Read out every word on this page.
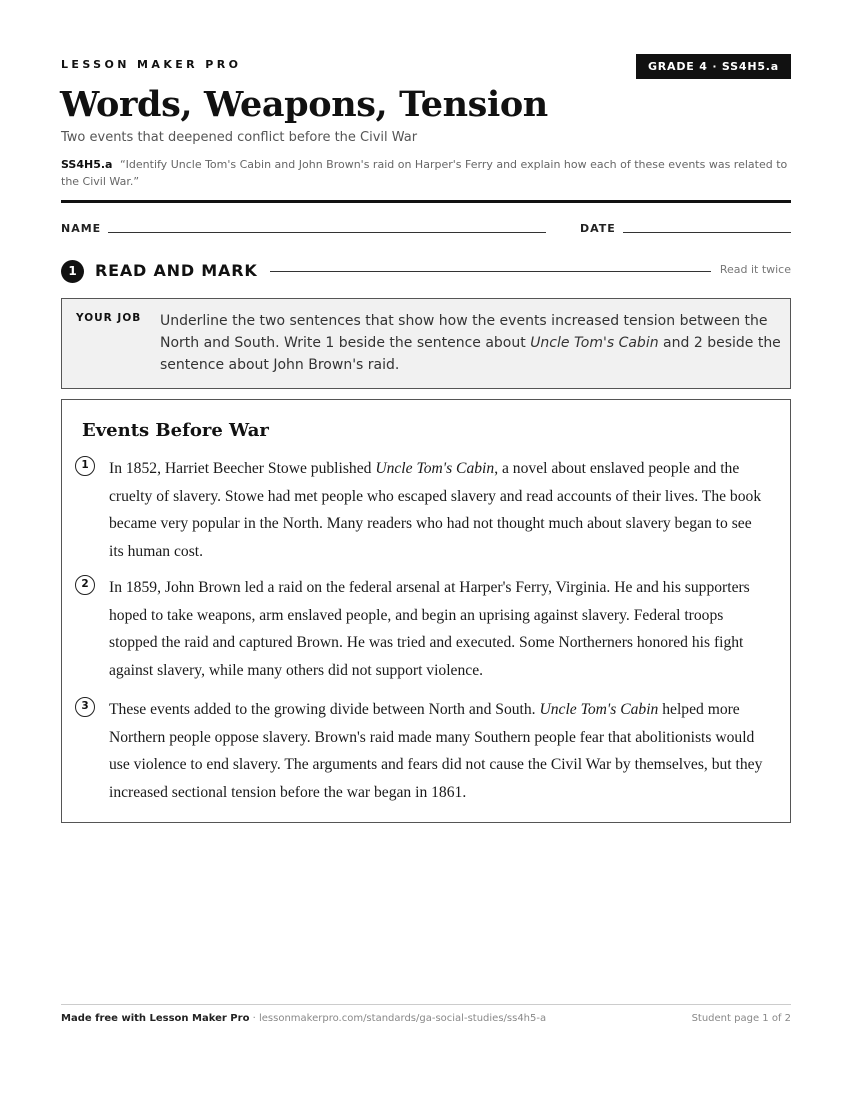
LESSON MAKER PRO	GRADE 4 · SS4H5.a
Words, Weapons, Tension
Two events that deepened conflict before the Civil War
SS4H5.a “Identify Uncle Tom's Cabin and John Brown's raid on Harper's Ferry and explain how each of these events was related to the Civil War.”
NAME	DATE
1	READ AND MARK	Read it twice
YOUR JOB Underline the two sentences that show how the events increased tension between the North and South. Write 1 beside the sentence about Uncle Tom's Cabin and 2 beside the sentence about John Brown's raid.
Events Before War
1	In 1852, Harriet Beecher Stowe published Uncle Tom's Cabin, a novel about enslaved people and the cruelty of slavery. Stowe had met people who escaped slavery and read accounts of their lives. The book became very popular in the North. Many readers who had not thought much about slavery began to see its human cost.
2	In 1859, John Brown led a raid on the federal arsenal at Harper's Ferry, Virginia. He and his supporters hoped to take weapons, arm enslaved people, and begin an uprising against slavery. Federal troops stopped the raid and captured Brown. He was tried and executed. Some Northerners honored his fight against slavery, while many others did not support violence.
3	These events added to the growing divide between North and South. Uncle Tom's Cabin helped more Northern people oppose slavery. Brown's raid made many Southern people fear that abolitionists would use violence to end slavery. The arguments and fears did not cause the Civil War by themselves, but they increased sectional tension before the war began in 1861.
Made free with Lesson Maker Pro · lessonmakerpro.com/standards/ga-social-studies/ss4h5-a	Student page 1 of 2
